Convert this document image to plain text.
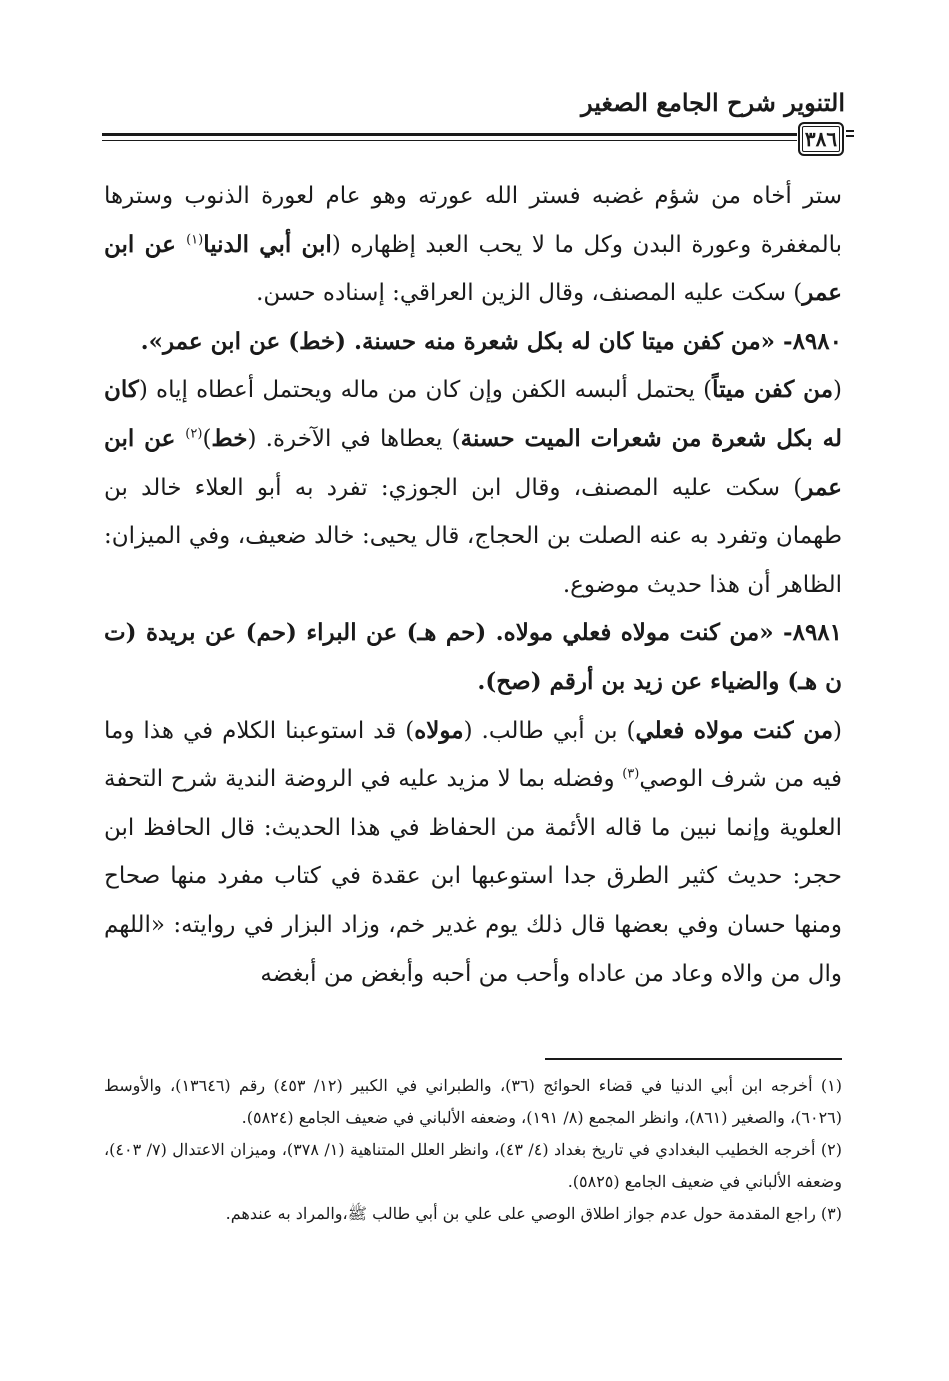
التنوير شرح الجامع الصغير
٣٨٦

ستر أخاه من شؤم غضبه فستر الله عورته وهو عام لعورة الذنوب وسترها بالمغفرة وعورة البدن وكل ما لا يحب العبد إظهاره (ابن أبي الدنيا$^{(١)}$ عن ابن عمر) سكت عليه المصنف، وقال الزين العراقي: إسناده حسن.

٨٩٨٠- «من كفن ميتا كان له بكل شعرة منه حسنة. (خط) عن ابن عمر».

(من كفن ميتاً) يحتمل ألبسه الكفن وإن كان من ماله ويحتمل أعطاه إياه (كان له بكل شعرة من شعرات الميت حسنة) يعطاها في الآخرة. (خط)$^{(٢)}$ عن ابن عمر) سكت عليه المصنف، وقال ابن الجوزي: تفرد به أبو العلاء خالد بن طهمان وتفرد به عنه الصلت بن الحجاج، قال يحيى: خالد ضعيف، وفي الميزان: الظاهر أن هذا حديث موضوع.

٨٩٨١- «من كنت مولاه فعلي مولاه. (حم هـ) عن البراء (حم) عن بريدة (ت ن هـ) والضياء عن زيد بن أرقم (صح).

(من كنت مولاه فعلي) بن أبي طالب. (مولاه) قد استوعبنا الكلام في هذا وما فيه من شرف الوصي$^{(٣)}$ وفضله بما لا مزيد عليه في الروضة الندية شرح التحفة العلوية وإنما نبين ما قاله الأئمة من الحفاظ في هذا الحديث: قال الحافظ ابن حجر: حديث كثير الطرق جدا استوعبها ابن عقدة في كتاب مفرد منها صحاح ومنها حسان وفي بعضها قال ذلك يوم غدير خم، وزاد البزار في روايته: «اللهم وال من والاه وعاد من عاداه وأحب من أحبه وأبغض من أبغضه

(١) أخرجه ابن أبي الدنيا في قضاء الحوائج (٣٦)، والطبراني في الكبير (١٢/ ٤٥٣) رقم (١٣٦٤٦)، والأوسط (٦٠٢٦)، والصغير (٨٦١)، وانظر المجمع (٨/ ١٩١)، وضعفه الألباني في ضعيف الجامع (٥٨٢٤).

(٢) أخرجه الخطيب البغدادي في تاريخ بغداد (٤/ ٤٣)، وانظر العلل المتناهية (١/ ٣٧٨)، وميزان الاعتدال (٧/ ٤٠٣)، وضعفه الألباني في ضعيف الجامع (٥٨٢٥).

(٣) راجع المقدمة حول عدم جواز اطلاق الوصي على علي بن أبي طالب ﷺ،والمراد به عندهم.
